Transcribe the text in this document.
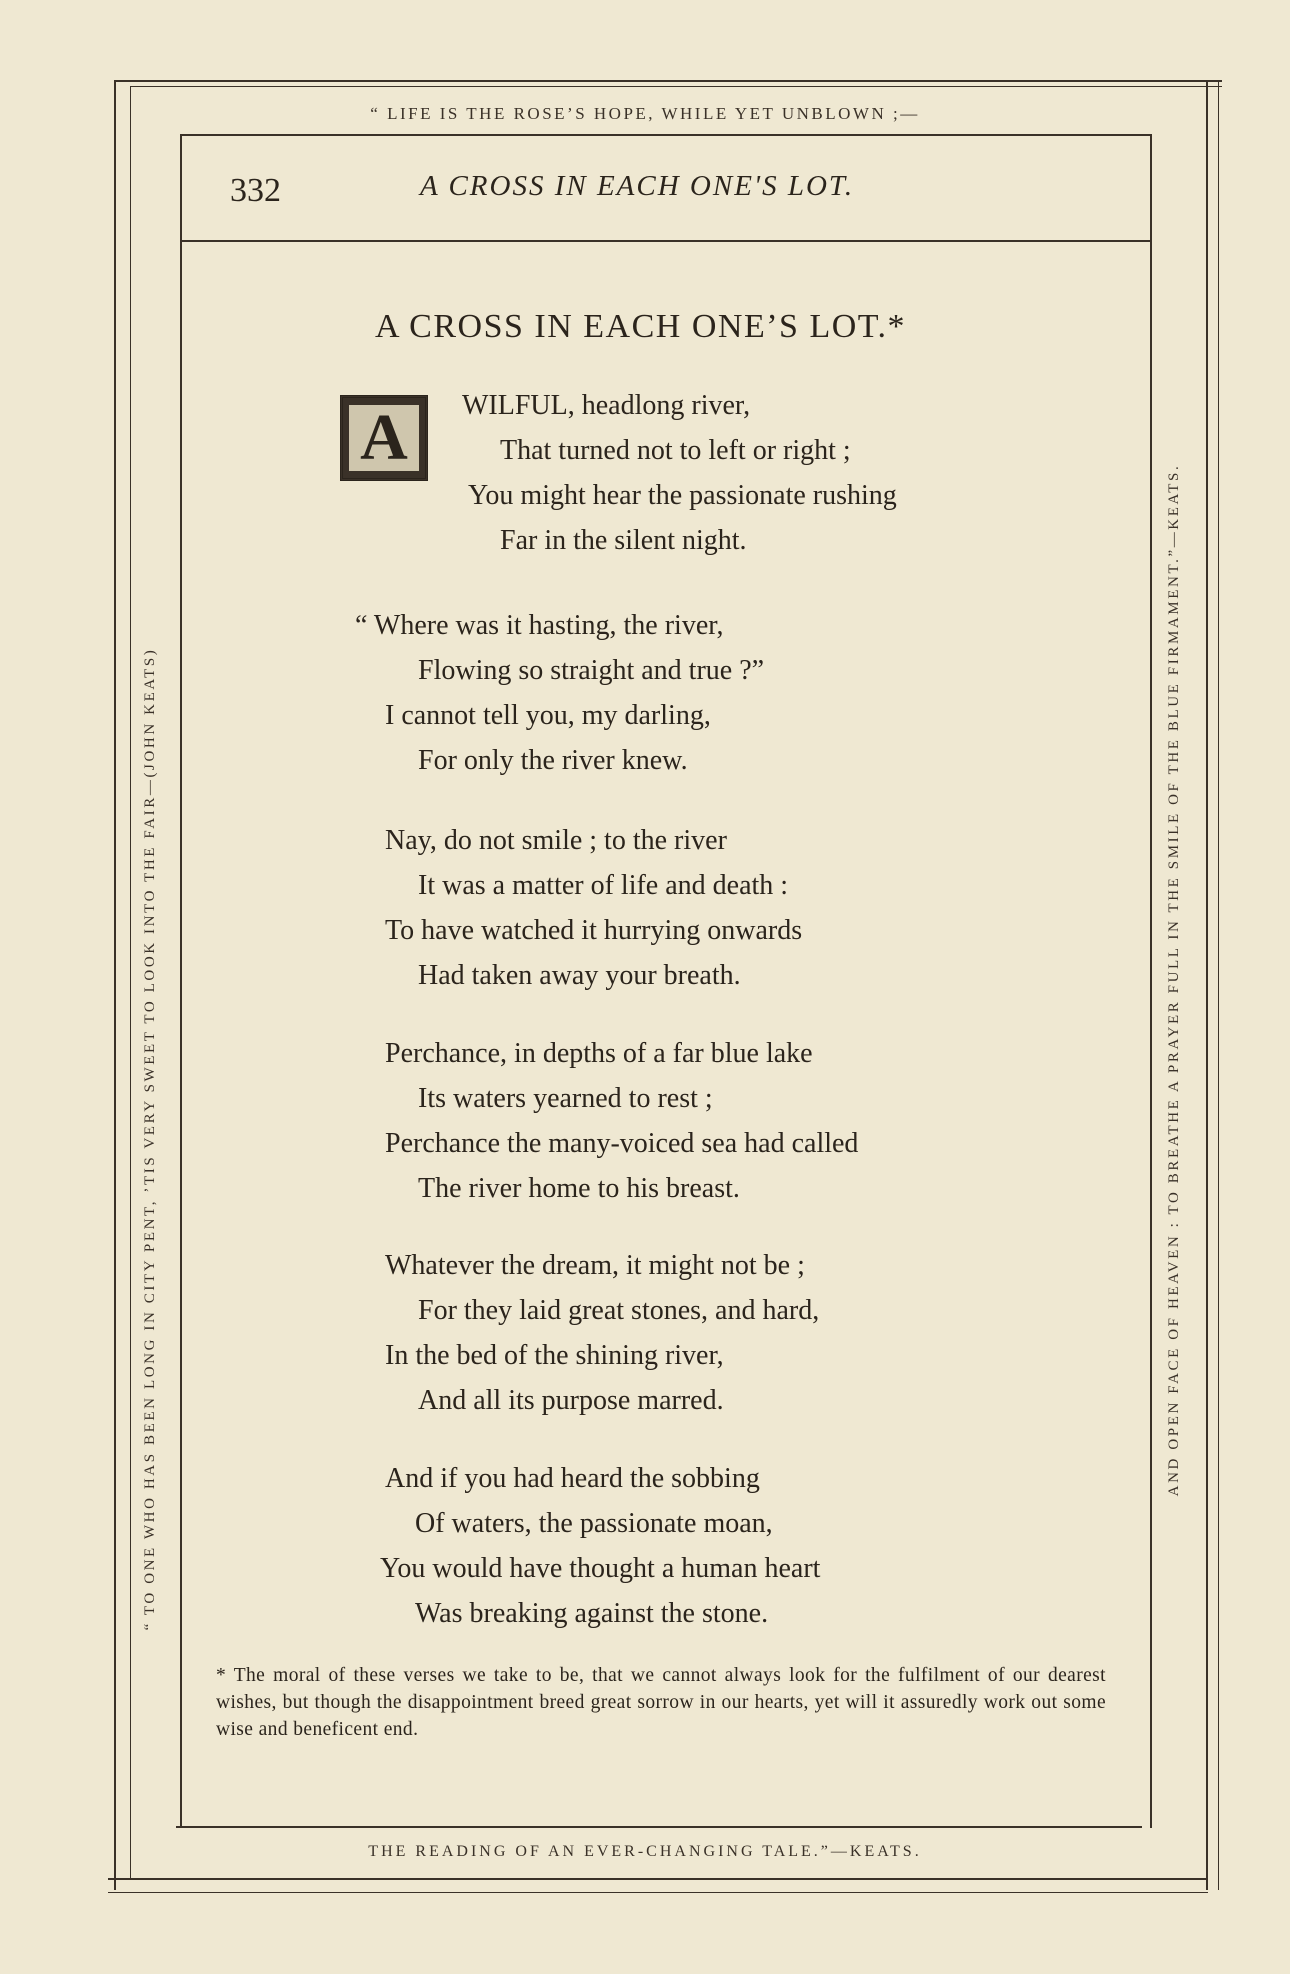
“ LIFE IS THE ROSE’S HOPE, WHILE YET UNBLOWN ;—
THE READING OF AN EVER-CHANGING TALE.”—KEATS.
“ TO ONE WHO HAS BEEN LONG IN CITY PENT, ’TIS VERY SWEET TO LOOK INTO THE FAIR—(JOHN KEATS)	AND OPEN FACE OF HEAVEN : TO BREATHE A PRAYER FULL IN THE SMILE OF THE BLUE FIRMAMENT.”—KEATS.
332	A CROSS IN EACH ONE'S LOT.
A CROSS IN EACH ONE’S LOT.*
A	WILFUL, headlong river,
That turned not to left or right ;
You might hear the passionate rushing
Far in the silent night.
“ Where was it hasting, the river,
Flowing so straight and true ?”
I cannot tell you, my darling,
For only the river knew.
Nay, do not smile ; to the river
It was a matter of life and death :
To have watched it hurrying onwards
Had taken away your breath.
Perchance, in depths of a far blue lake
Its waters yearned to rest ;
Perchance the many-voiced sea had called
The river home to his breast.
Whatever the dream, it might not be ;
For they laid great stones, and hard,
In the bed of the shining river,
And all its purpose marred.
And if you had heard the sobbing
Of waters, the passionate moan,
You would have thought a human heart
Was breaking against the stone.
* The moral of these verses we take to be, that we cannot always look for the fulfilment of our dearest wishes, but though the disappointment breed great sorrow in our hearts, yet will it assuredly work out some wise and beneficent end.
